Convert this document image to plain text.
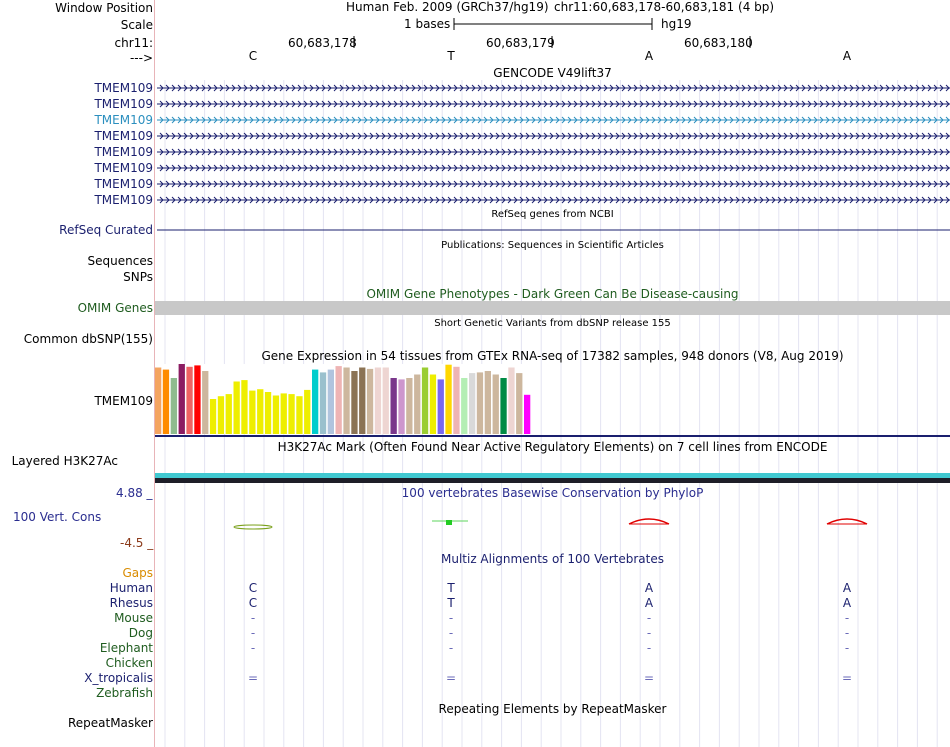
Window Position
Scale
chr11:
--->
Human Feb. 2009 (GRCh37/hg19) chr11:60,683,178-60,683,181 (4 bp)
1 bases	hg19
60,683,178	60,683,179	60,683,180
C	T	A	A
GENCODE V49lift37
TMEM109
TMEM109
TMEM109
TMEM109
TMEM109
TMEM109
TMEM109
TMEM109
RefSeq genes from NCBI
RefSeq Curated
Publications: Sequences in Scientific Articles
Sequences
SNPs
OMIM Gene Phenotypes - Dark Green Can Be Disease-causing
OMIM Genes
Short Genetic Variants from dbSNP release 155
Common dbSNP(155)
Gene Expression in 54 tissues from GTEx RNA-seq of 17382 samples, 948 donors (V8, Aug 2019)
TMEM109
H3K27Ac Mark (Often Found Near Active Regulatory Elements) on 7 cell lines from ENCODE
Layered H3K27Ac
4.88 _	100 vertebrates Basewise Conservation by PhyloP
100 Vert. Cons
-4.5 _
Multiz Alignments of 100 Vertebrates
Gaps
Human	C	T	A	A
Rhesus	C	T	A	A
Mouse	-	-	-	-
Dog	-	-	-	-
Elephant	-	-	-	-
Chicken
X_tropicalis	=	=	=	=
Zebrafish
Repeating Elements by RepeatMasker
RepeatMasker
